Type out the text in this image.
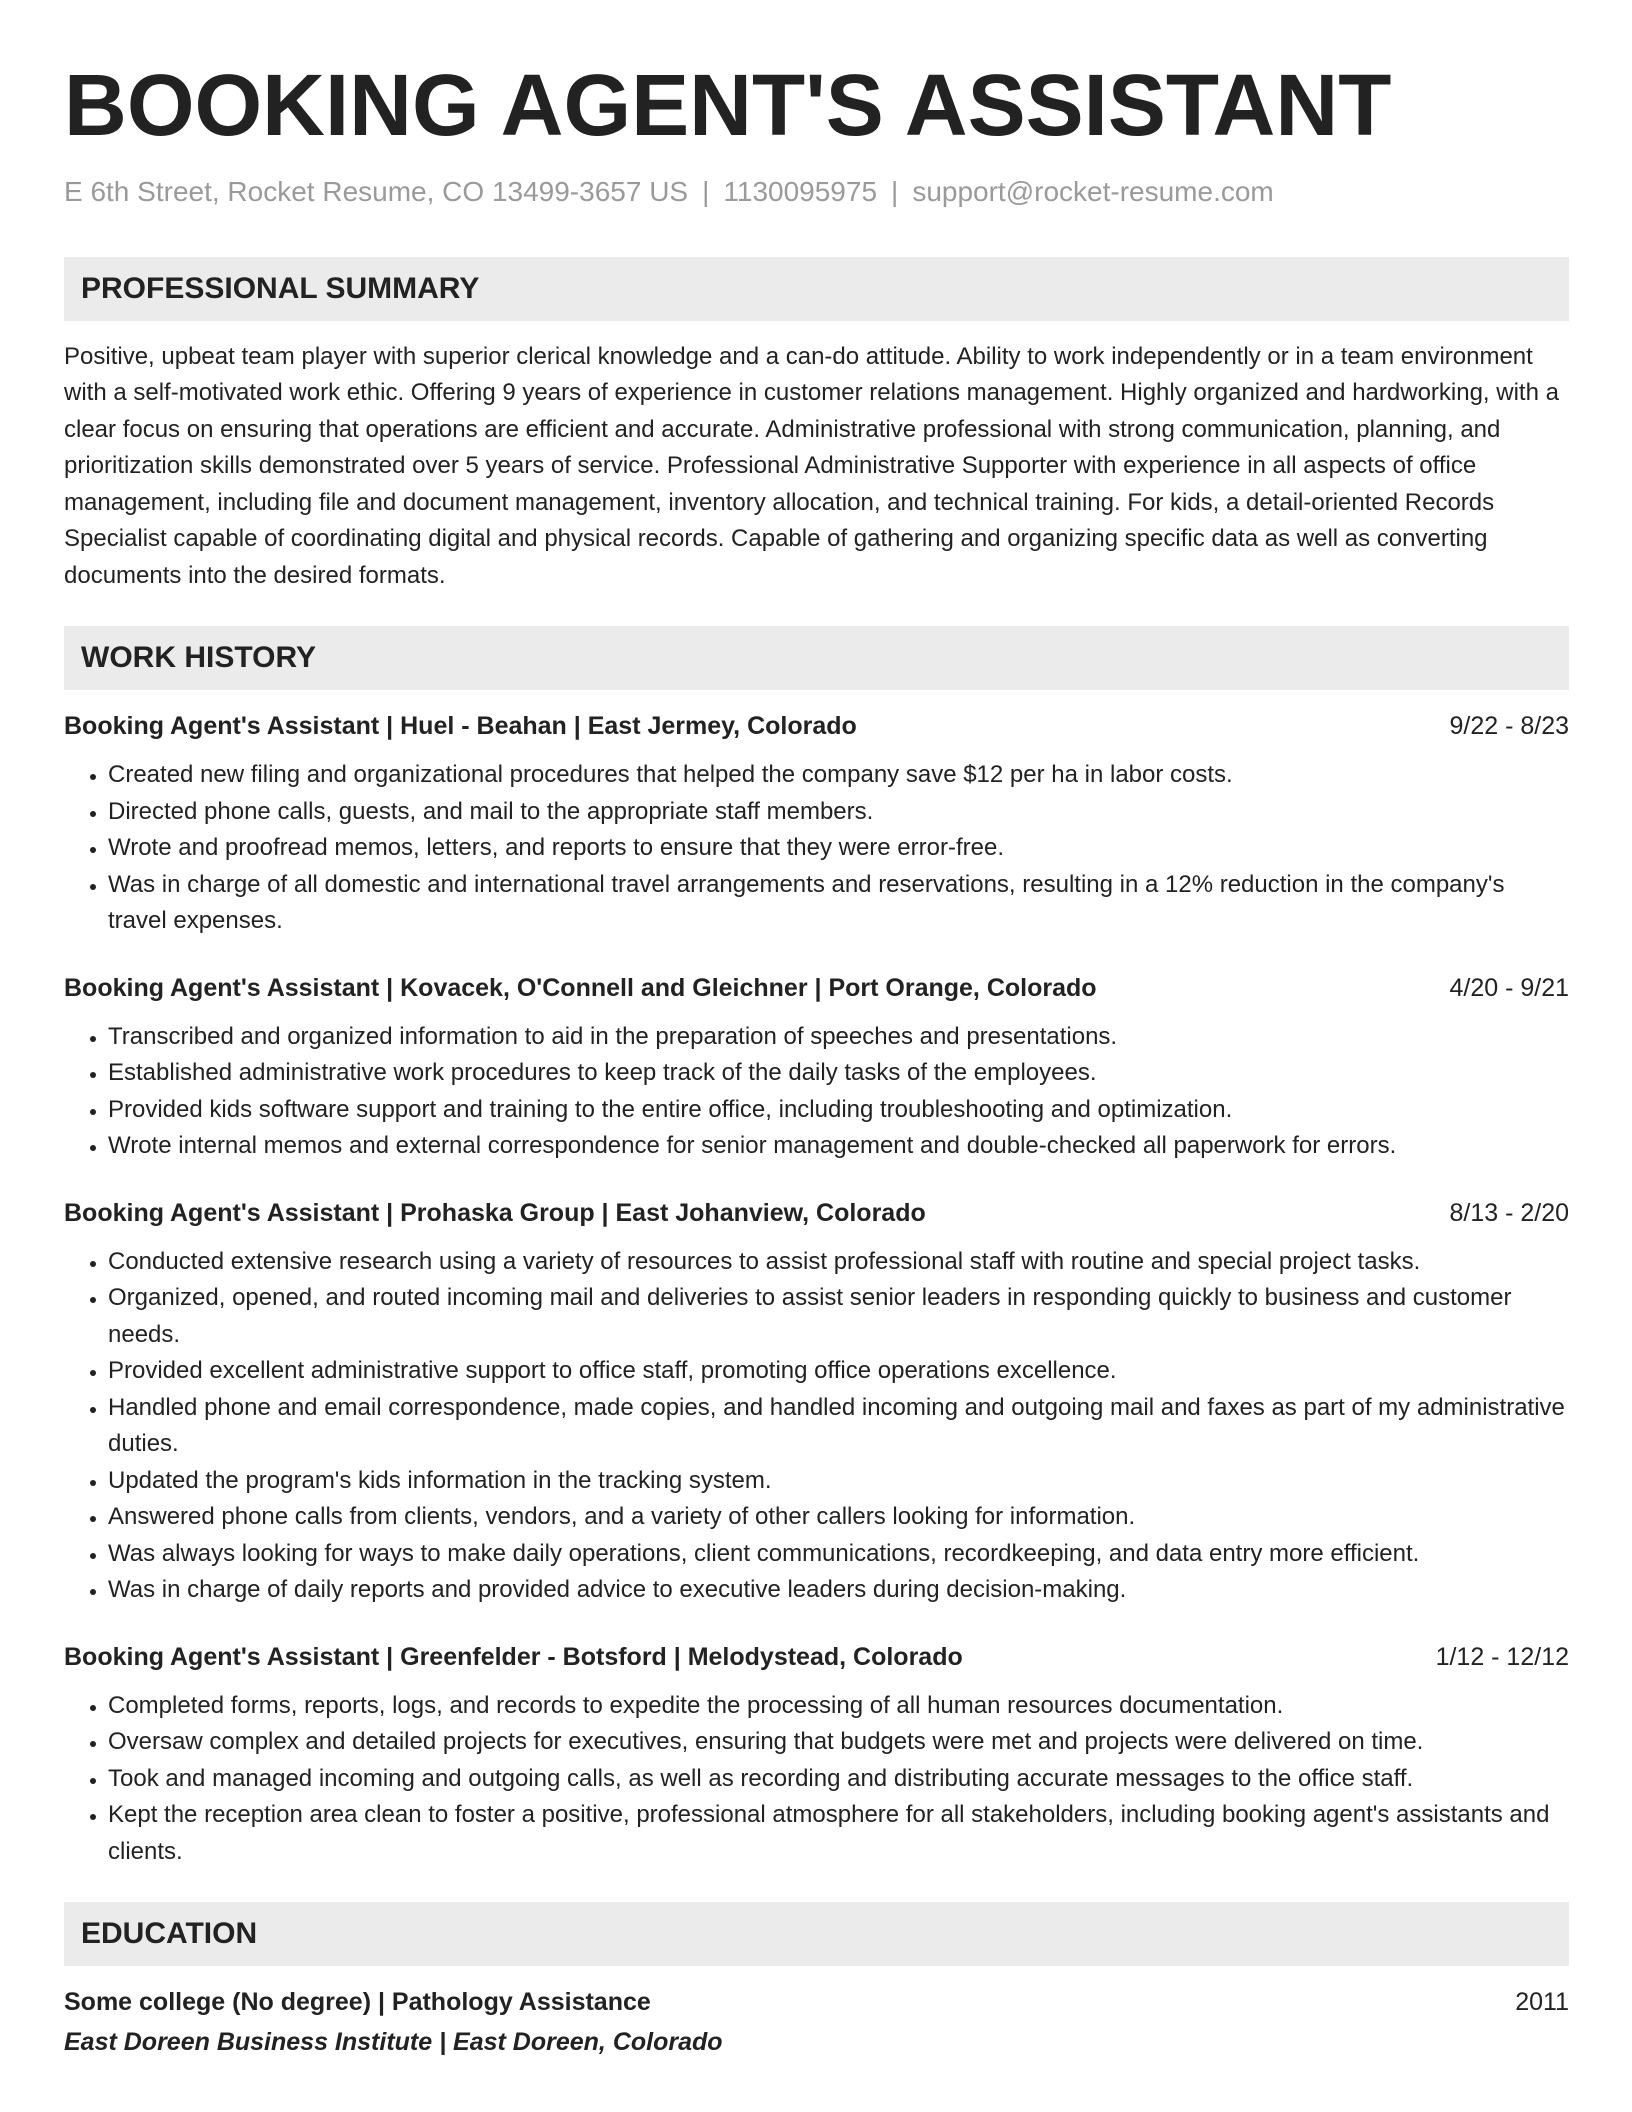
BOOKING AGENT'S ASSISTANT
E 6th Street, Rocket Resume, CO 13499-3657 US | 1130095975 | support@rocket-resume.com
PROFESSIONAL SUMMARY
Positive, upbeat team player with superior clerical knowledge and a can-do attitude. Ability to work independently or in a team environment with a self-motivated work ethic. Offering 9 years of experience in customer relations management. Highly organized and hardworking, with a clear focus on ensuring that operations are efficient and accurate. Administrative professional with strong communication, planning, and prioritization skills demonstrated over 5 years of service. Professional Administrative Supporter with experience in all aspects of office management, including file and document management, inventory allocation, and technical training. For kids, a detail-oriented Records Specialist capable of coordinating digital and physical records. Capable of gathering and organizing specific data as well as converting documents into the desired formats.
WORK HISTORY
Booking Agent's Assistant | Huel - Beahan | East Jermey, Colorado	9/22 - 8/23
• Created new filing and organizational procedures that helped the company save $12 per ha in labor costs.
• Directed phone calls, guests, and mail to the appropriate staff members.
• Wrote and proofread memos, letters, and reports to ensure that they were error-free.
• Was in charge of all domestic and international travel arrangements and reservations, resulting in a 12% reduction in the company's travel expenses.
Booking Agent's Assistant | Kovacek, O'Connell and Gleichner | Port Orange, Colorado	4/20 - 9/21
• Transcribed and organized information to aid in the preparation of speeches and presentations.
• Established administrative work procedures to keep track of the daily tasks of the employees.
• Provided kids software support and training to the entire office, including troubleshooting and optimization.
• Wrote internal memos and external correspondence for senior management and double-checked all paperwork for errors.
Booking Agent's Assistant | Prohaska Group | East Johanview, Colorado	8/13 - 2/20
• Conducted extensive research using a variety of resources to assist professional staff with routine and special project tasks.
• Organized, opened, and routed incoming mail and deliveries to assist senior leaders in responding quickly to business and customer needs.
• Provided excellent administrative support to office staff, promoting office operations excellence.
• Handled phone and email correspondence, made copies, and handled incoming and outgoing mail and faxes as part of my administrative duties.
• Updated the program's kids information in the tracking system.
• Answered phone calls from clients, vendors, and a variety of other callers looking for information.
• Was always looking for ways to make daily operations, client communications, recordkeeping, and data entry more efficient.
• Was in charge of daily reports and provided advice to executive leaders during decision-making.
Booking Agent's Assistant | Greenfelder - Botsford | Melodystead, Colorado	1/12 - 12/12
• Completed forms, reports, logs, and records to expedite the processing of all human resources documentation.
• Oversaw complex and detailed projects for executives, ensuring that budgets were met and projects were delivered on time.
• Took and managed incoming and outgoing calls, as well as recording and distributing accurate messages to the office staff.
• Kept the reception area clean to foster a positive, professional atmosphere for all stakeholders, including booking agent's assistants and clients.
EDUCATION
Some college (No degree) | Pathology Assistance	2011
East Doreen Business Institute | East Doreen, Colorado
